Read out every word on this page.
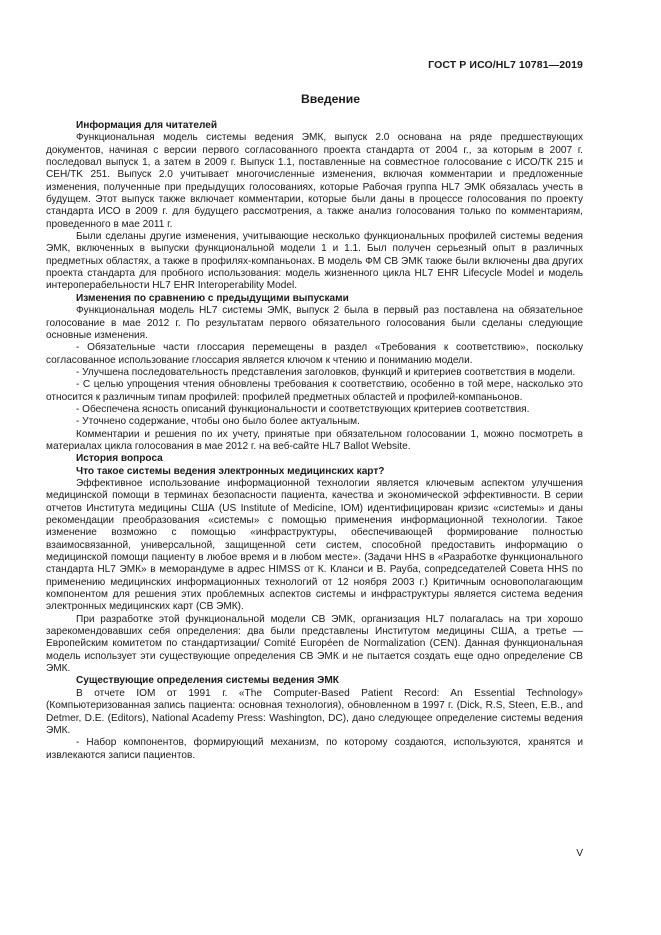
ГОСТ Р ИСО/HL7 10781—2019
Введение

Информация для читателей

Функциональная модель системы ведения ЭМК, выпуск 2.0 основана на ряде предшествующих документов, начиная с версии первого согласованного проекта стандарта от 2004 г., за которым в 2007 г. последовал выпуск 1, а затем в 2009 г. Выпуск 1.1, поставленные на совместное голосование с ИСО/ТК 215 и CEH/TK 251. Выпуск 2.0 учитывает многочисленные изменения, включая комментарии и предложенные изменения, полученные при предыдущих голосованиях, которые Рабочая группа HL7 ЭМК обязалась учесть в будущем. Этот выпуск также включает комментарии, которые были даны в процессе голосования по проекту стандарта ИСО в 2009 г. для будущего рассмотрения, а также анализ голосования только по комментариям, проведенного в мае 2011 г.

Были сделаны другие изменения, учитывающие несколько функциональных профилей системы ведения ЭМК, включенных в выпуски функциональной модели 1 и 1.1. Был получен серьезный опыт в различных предметных областях, а также в профилях-компаньонах. В модель ФМ СВ ЭМК также были включены два других проекта стандарта для пробного использования: модель жизненного цикла HL7 EHR Lifecycle Model и модель интероперабельности HL7 EHR Interoperability Model.

Изменения по сравнению с предыдущими выпусками

Функциональная модель HL7 системы ЭМК, выпуск 2 была в первый раз поставлена на обязательное голосование в мае 2012 г. По результатам первого обязательного голосования были сделаны следующие основные изменения.

- Обязательные части глоссария перемещены в раздел «Требования к соответствию», поскольку согласованное использование глоссария является ключом к чтению и пониманию модели.

- Улучшена последовательность представления заголовков, функций и критериев соответствия в модели.

- С целью упрощения чтения обновлены требования к соответствию, особенно в той мере, насколько это относится к различным типам профилей: профилей предметных областей и профилей-компаньонов.

- Обеспечена ясность описаний функциональности и соответствующих критериев соответствия.

- Уточнено содержание, чтобы оно было более актуальным.

Комментарии и решения по их учету, принятые при обязательном голосовании 1, можно посмотреть в материалах цикла голосования в мае 2012 г. на веб-сайте HL7 Ballot Website.

История вопроса

Что такое системы ведения электронных медицинских карт?

Эффективное использование информационной технологии является ключевым аспектом улучшения медицинской помощи в терминах безопасности пациента, качества и экономической эффективности. В серии отчетов Института медицины США (US Institute of Medicine, IOM) идентифицирован кризис «системы» и даны рекомендации преобразования «системы» с помощью применения информационной технологии. Такое изменение возможно с помощью «инфраструктуры, обеспечивающей формирование полностью взаимосвязанной, универсальной, защищенной сети систем, способной предоставить информацию о медицинской помощи пациенту в любое время и в любом месте». (Задачи HHS в «Разработке функционального стандарта HL7 ЭМК» в меморандуме в адрес HIMSS от К. Кланси и В. Рауба, сопредседателей Совета HHS по применению медицинских информационных технологий от 12 ноября 2003 г.) Критичным основополагающим компонентом для решения этих проблемных аспектов системы и инфраструктуры является система ведения электронных медицинских карт (СВ ЭМК).

При разработке этой функциональной модели СВ ЭМК, организация HL7 полагалась на три хорошо зарекомендовавших себя определения: два были представлены Институтом медицины США, а третье — Европейским комитетом по стандартизации/ Comité Européen de Normalization (CEN). Данная функциональная модель использует эти существующие определения СВ ЭМК и не пытается создать еще одно определение СВ ЭМК.

Существующие определения системы ведения ЭМК

В отчете IOM от 1991 г. «The Computer-Based Patient Record: An Essential Technology» (Компьютеризованная запись пациента: основная технология), обновленном в 1997 г. (Dick, R.S, Steen, E.B., and Detmer, D.E. (Editors), National Academy Press: Washington, DC), дано следующее определение системы ведения ЭМК.

- Набор компонентов, формирующий механизм, по которому создаются, используются, хранятся и извлекаются записи пациентов.

V
